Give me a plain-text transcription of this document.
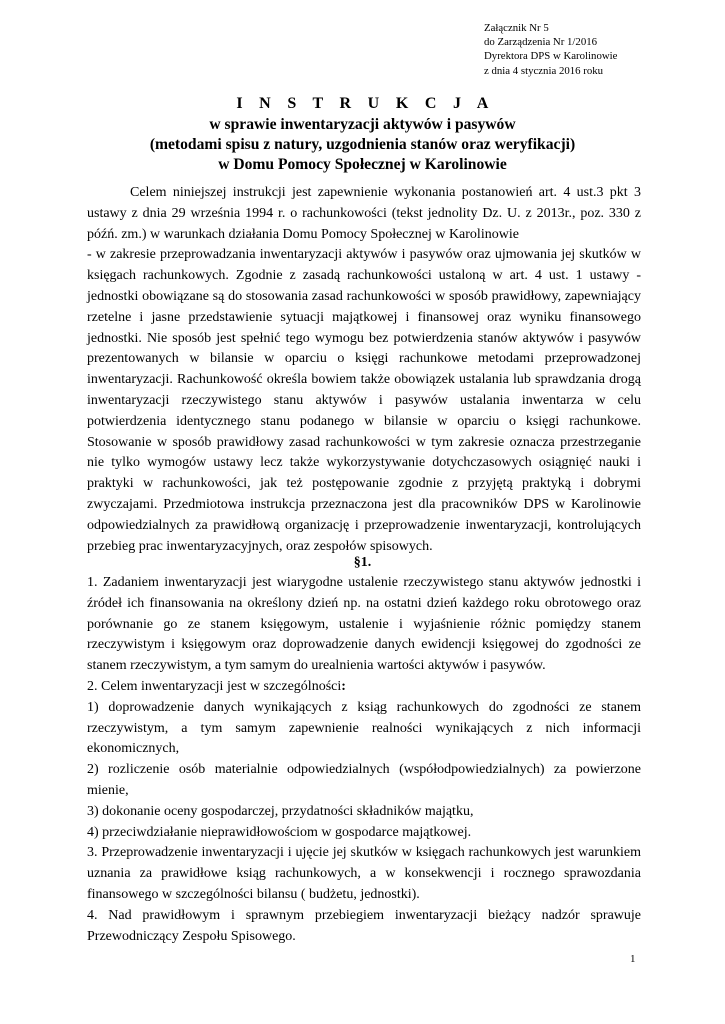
Załącznik Nr 5
do Zarządzenia Nr 1/2016
Dyrektora DPS w Karolinowie
z dnia 4 stycznia 2016 roku
I N S T R U K C J A
w sprawie inwentaryzacji aktywów i pasywów
(metodami spisu z natury, uzgodnienia stanów oraz weryfikacji)
w Domu Pomocy Społecznej w Karolinowie

Celem niniejszej instrukcji jest zapewnienie wykonania postanowień art. 4 ust.3 pkt 3 ustawy z dnia 29 września 1994 r. o rachunkowości (tekst jednolity Dz. U. z 2013r., poz. 330 z późń. zm.) w warunkach działania Domu Pomocy Społecznej w Karolinowie

- w zakresie przeprowadzania inwentaryzacji aktywów i pasywów oraz ujmowania jej skutków w księgach rachunkowych. Zgodnie z zasadą rachunkowości ustaloną w art. 4 ust. 1 ustawy - jednostki obowiązane są do stosowania zasad rachunkowości w sposób prawidłowy, zapewniający rzetelne i jasne przedstawienie sytuacji majątkowej i finansowej oraz wyniku finansowego jednostki. Nie sposób jest spełnić tego wymogu bez potwierdzenia stanów aktywów i pasywów prezentowanych w bilansie w oparciu o księgi rachunkowe metodami przeprowadzonej inwentaryzacji. Rachunkowość określa bowiem także obowiązek ustalania lub sprawdzania drogą inwentaryzacji rzeczywistego stanu aktywów i pasywów ustalania inwentarza w celu potwierdzenia identycznego stanu podanego w bilansie w oparciu o księgi rachunkowe. Stosowanie w sposób prawidłowy zasad rachunkowości w tym zakresie oznacza przestrzeganie nie tylko wymogów ustawy lecz także wykorzystywanie dotychczasowych osiągnięć nauki i praktyki w rachunkowości, jak też postępowanie zgodnie z przyjętą praktyką i dobrymi zwyczajami. Przedmiotowa instrukcja przeznaczona jest dla pracowników DPS w Karolinowie odpowiedzialnych za prawidłową organizację i przeprowadzenie inwentaryzacji, kontrolujących przebieg prac inwentaryzacyjnych, oraz zespołów spisowych.

§1.

1. Zadaniem inwentaryzacji jest wiarygodne ustalenie rzeczywistego stanu aktywów jednostki i źródeł ich finansowania na określony dzień np. na ostatni dzień każdego roku obrotowego oraz porównanie go ze stanem księgowym, ustalenie i wyjaśnienie różnic pomiędzy stanem rzeczywistym i księgowym oraz doprowadzenie danych ewidencji księgowej do zgodności ze stanem rzeczywistym, a tym samym do urealnienia wartości aktywów i pasywów.

2. Celem inwentaryzacji jest w szczególności:

1) doprowadzenie danych wynikających z ksiąg rachunkowych do zgodności ze stanem rzeczywistym, a tym samym zapewnienie realności wynikających z nich informacji ekonomicznych,

2) rozliczenie osób materialnie odpowiedzialnych (współodpowiedzialnych) za powierzone mienie,

3) dokonanie oceny gospodarczej, przydatności składników majątku,

4) przeciwdziałanie nieprawidłowościom w gospodarce majątkowej.

3. Przeprowadzenie inwentaryzacji i ujęcie jej skutków w księgach rachunkowych jest warunkiem uznania za prawidłowe ksiąg rachunkowych, a w konsekwencji i rocznego sprawozdania finansowego w szczególności bilansu ( budżetu, jednostki).

4. Nad prawidłowym i sprawnym przebiegiem inwentaryzacji bieżący nadzór sprawuje Przewodniczący Zespołu Spisowego.

1
